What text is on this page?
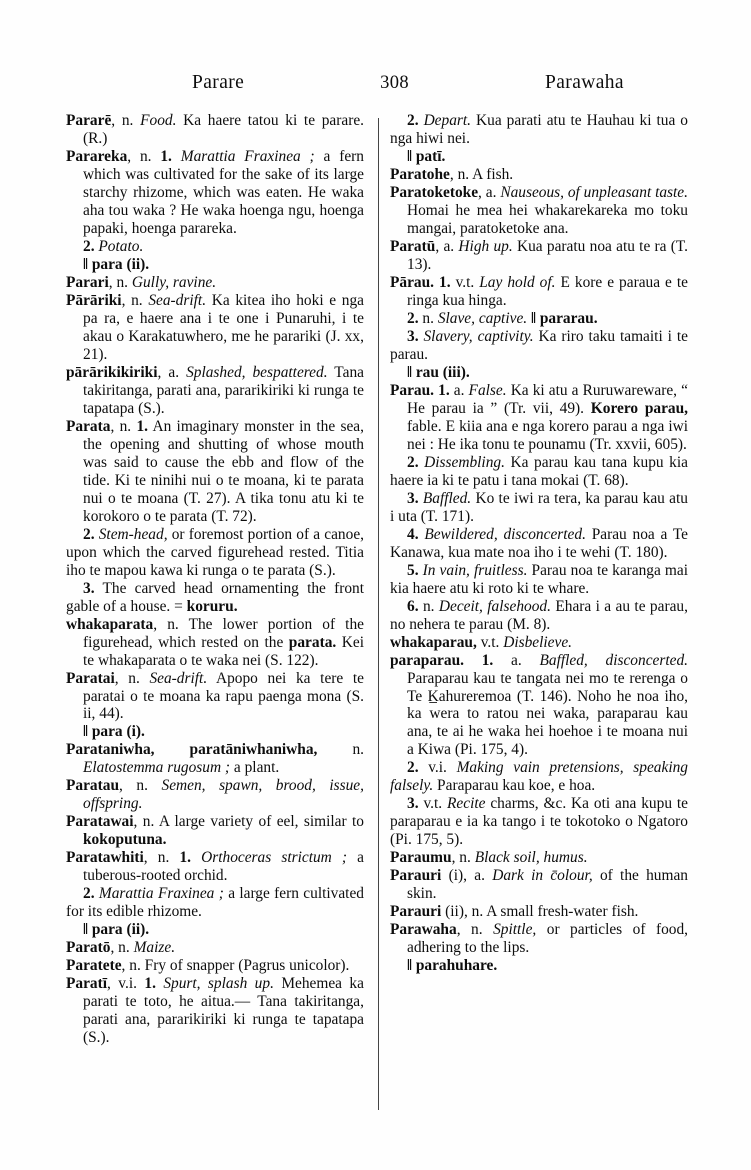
Parare	308	Parawaha

Pararē, n. Food. Ka haere tatou ki te parare. (R.)

Parareka, n. 1. Marattia Fraxinea ; a fern which was cultivated for the sake of its large starchy rhizome, which was eaten. He waka aha tou waka ? He waka hoenga ngu, hoenga papaki, hoenga parareka.

2. Potato.

‖ para (ii).

Parari, n. Gully, ravine.

Pārāriki, n. Sea-drift. Ka kitea iho hoki e nga pa ra, e haere ana i te one i Punaruhi, i te akau o Karakatuwhero, me he parariki (J. xx, 21).

pārārikikiriki, a. Splashed, bespattered. Tana takiritanga, parati ana, pararikiriki ki runga te tapatapa (S.).

Parata, n. 1. An imaginary monster in the sea, the opening and shutting of whose mouth was said to cause the ebb and flow of the tide. Ki te ninihi nui o te moana, ki te parata nui o te moana (T. 27). A tika tonu atu ki te korokoro o te parata (T. 72).

2. Stem-head, or foremost portion of a canoe, upon which the carved figurehead rested. Titia iho te mapou kawa ki runga o te parata (S.).

3. The carved head ornamenting the front gable of a house. = koruru.

whakaparata, n. The lower portion of the figurehead, which rested on the parata. Kei te whakaparata o te waka nei (S. 122).

Paratai, n. Sea-drift. Apopo nei ka tere te paratai o te moana ka rapu paenga mona (S. ii, 44).

‖ para (i).

Parataniwha, paratāniwhaniwha, n. Elatostemma rugosum ; a plant.

Paratau, n. Semen, spawn, brood, issue, offspring.

Paratawai, n. A large variety of eel, similar to kokoputuna.

Paratawhiti, n. 1. Orthoceras strictum ; a tuberous-rooted orchid.

2. Marattia Fraxinea ; a large fern cultivated for its edible rhizome.

‖ para (ii).

Paratō, n. Maize.

Paratete, n. Fry of snapper (Pagrus unicolor).

Paratī, v.i. 1. Spurt, splash up. Mehemea ka parati te toto, he aitua.— Tana takiritanga, parati ana, pararikiriki ki runga te tapatapa (S.).

2. Depart. Kua parati atu te Hauhau ki tua o nga hiwi nei.

‖ patī.

Paratohe, n. A fish.

Paratoketoke, a. Nauseous, of unpleasant taste. Homai he mea hei whakarekareka mo toku mangai, paratoketoke ana.

Paratū, a. High up. Kua paratu noa atu te ra (T. 13).

Pārau. 1. v.t. Lay hold of. E kore e paraua e te ringa kua hinga.

2. n. Slave, captive. ‖ pararau.

3. Slavery, captivity. Ka riro taku tamaiti i te parau.

‖ rau (iii).

Parau. 1. a. False. Ka ki atu a Ruruwareware, “ He parau ia ” (Tr. vii, 49). Korero parau, fable. E kiia ana e nga korero parau a nga iwi nei : He ika tonu te pounamu (Tr. xxvii, 605).

2. Dissembling. Ka parau kau tana kupu kia haere ia ki te patu i tana mokai (T. 68).

3. Baffled. Ko te iwi ra tera, ka parau kau atu i uta (T. 171).

4. Bewildered, disconcerted. Parau noa a Te Kanawa, kua mate noa iho i te wehi (T. 180).

5. In vain, fruitless. Parau noa te karanga mai kia haere atu ki roto ki te whare.

6. n. Deceit, falsehood. Ehara i a au te parau, no nehera te parau (M. 8).

whakaparau, v.t. Disbelieve.

paraparau. 1. a. Baffled, disconcerted. Paraparau kau te tangata nei mo te rerenga o Te K̲ahureremoa (T. 146). Noho he noa iho, ka wera to ratou nei waka, paraparau kau ana, te ai he waka hei hoehoe i te moana nui a Kiwa (Pi. 175, 4).

2. v.i. Making vain pretensions, speaking falsely. Paraparau kau koe, e hoa.

3. v.t. Recite charms, &c. Ka oti ana kupu te paraparau e ia ka tango i te tokotoko o Ngatoro (Pi. 175, 5).

Paraumu, n. Black soil, humus.

Parauri (i), a. Dark in c̄olour, of the human skin.

Parauri (ii), n. A small fresh-water fish.

Parawaha, n. Spittle, or particles of food, adhering to the lips.

‖ parahuhare.
